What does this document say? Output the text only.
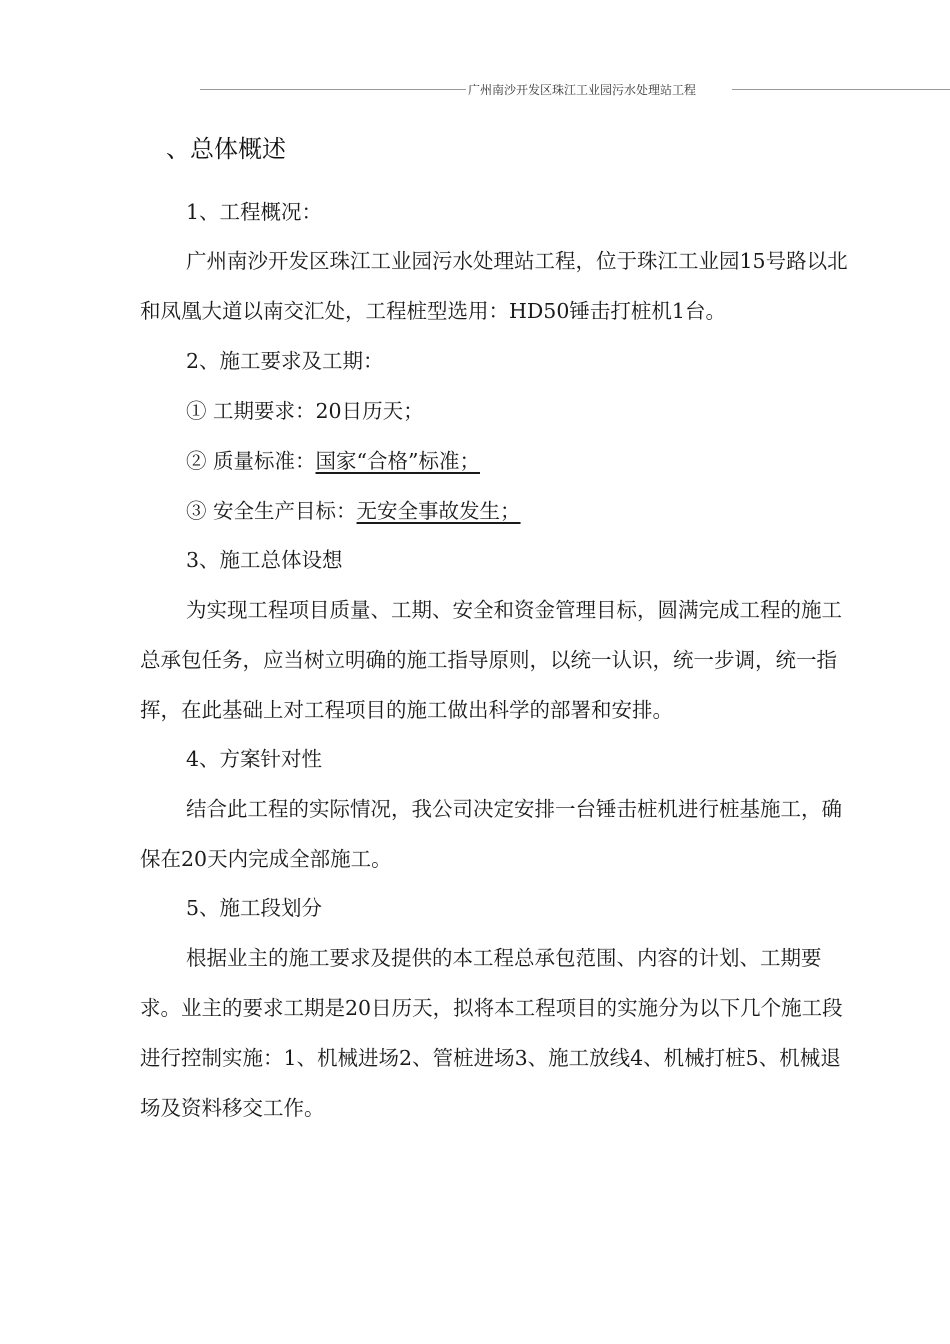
广州南沙开发区珠江工业园污水处理站工程
、总体概述
1、工程概况：
广州南沙开发区珠江工业园污水处理站工程，位于珠江工业园15号路以北和凤凰大道以南交汇处，工程桩型选用：HD50锤击打桩机1台。
2、施工要求及工期：
① 工期要求：20日历天；
② 质量标准：国家“合格”标准；
③ 安全生产目标：无安全事故发生；
3、施工总体设想
为实现工程项目质量、工期、安全和资金管理目标，圆满完成工程的施工总承包任务，应当树立明确的施工指导原则，以统一认识，统一步调，统一指挥，在此基础上对工程项目的施工做出科学的部署和安排。
4、方案针对性
结合此工程的实际情况，我公司决定安排一台锤击桩机进行桩基施工，确保在20天内完成全部施工。
5、施工段划分
根据业主的施工要求及提供的本工程总承包范围、内容的计划、工期要求。业主的要求工期是20日历天，拟将本工程项目的实施分为以下几个施工段进行控制实施：1、机械进场2、管桩进场3、施工放线4、机械打桩5、机械退场及资料移交工作。
